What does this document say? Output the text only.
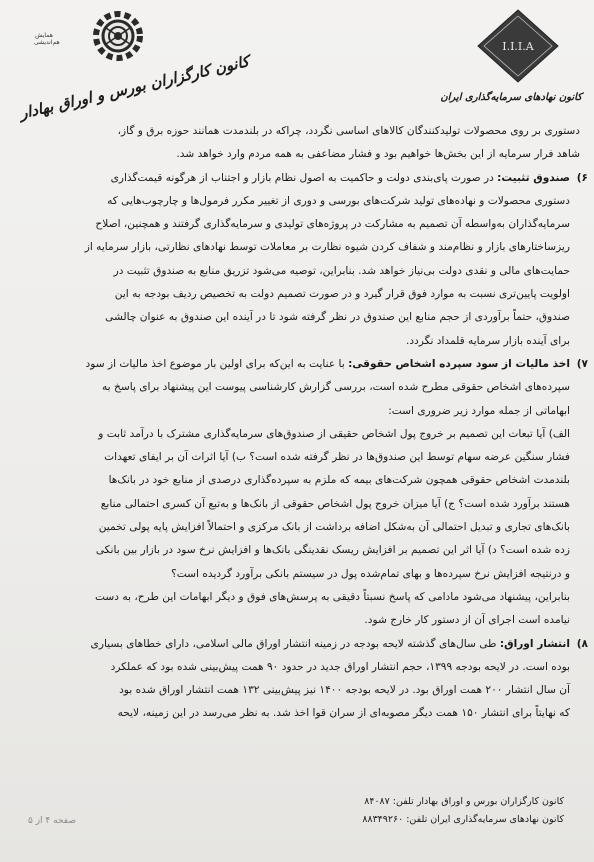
همایش هم‌اندیشی
کانون کارگزاران بورس و اوراق بهادار
I.I.I.A
کانون نهادهای سرمایه‌گذاری ایران
دستوری بر روی محصولات تولیدکنندگان کالاهای اساسی نگردد، چراکه در بلندمدت همانند حوزه برق و گاز،
شاهد فرار سرمایه از این بخش‌ها خواهیم بود و فشار مضاعفی به همه مردم وارد خواهد شد.
۶)
صندوق تثبیت: در صورت پای‌بندی دولت و حاکمیت به اصول نظام بازار و اجتناب از هرگونه قیمت‌گذاری
دستوری محصولات و نهاده‌های تولید شرکت‌های بورسی و دوری از تغییر مکرر فرمول‌ها و چارچوب‌هایی که
سرمایه‌گذاران به‌واسطه آن تصمیم به مشارکت در پروژه‌های تولیدی و سرمایه‌گذاری گرفتند و همچنین، اصلاح
ریزساختارهای بازار و نظام‌مند و شفاف کردن شیوه نظارت بر معاملات توسط نهادهای نظارتی، بازار سرمایه از
حمایت‌های مالی و نقدی دولت بی‌نیاز خواهد شد. بنابراین، توصیه می‌شود تزریق منابع به صندوق تثبیت در
اولویت پایین‌تری نسبت به موارد فوق قرار گیرد و در صورت تصمیم دولت به تخصیص ردیف بودجه به این
صندوق، حتماً برآوردی از حجم منابع این صندوق در نظر گرفته شود تا در آینده این صندوق به عنوان چالشی
برای آینده بازار سرمایه قلمداد نگردد.
۷)
اخذ مالیات از سود سپرده اشخاص حقوقی: با عنایت به این‌که برای اولین بار موضوع اخذ مالیات از سود
سپرده‌های اشخاص حقوقی مطرح شده است، بررسی گزارش کارشناسی پیوست این پیشنهاد برای پاسخ به
ابهاماتی از جمله موارد زیر ضروری است:
الف) آیا تبعات این تصمیم بر خروج پول اشخاص حقیقی از صندوق‌های سرمایه‌گذاری مشترک با درآمد ثابت و
فشار سنگین عرضه سهام توسط این صندوق‌ها در نظر گرفته شده است؟ ب) آیا اثرات آن بر ایفای تعهدات
بلندمدت اشخاص حقوقی همچون شرکت‌های بیمه که ملزم به سپرده‌گذاری درصدی از منابع خود در بانک‌ها
هستند برآورد شده است؟ ج) آیا میزان خروج پول اشخاص حقوقی از بانک‌ها و به‌تبع آن کسری احتمالی منابع
بانک‌های تجاری و تبدیل احتمالی آن به‌شکل اضافه برداشت از بانک مرکزی و احتمالاً افزایش پایه پولی تخمین
زده شده است؟ د) آیا اثر این تصمیم بر افزایش ریسک نقدینگی بانک‌ها و افزایش نرخ سود در بازار بین بانکی
و درنتیجه افزایش نرخ سپرده‌ها و بهای تمام‌شده پول در سیستم بانکی برآورد گردیده است؟
بنابراین، پیشنهاد می‌شود مادامی که پاسخ نسبتاً دقیقی به پرسش‌های فوق و دیگر ابهامات این طرح، به دست
نیامده است اجرای آن از دستور کار خارج شود.
۸)
انتشار اوراق: طی سال‌های گذشته لایحه بودجه در زمینه انتشار اوراق مالی اسلامی، دارای خطاهای بسیاری
بوده است. در لایحه بودجه ۱۳۹۹، حجم انتشار اوراق جدید در حدود ۹۰ همت پیش‌بینی شده بود که عملکرد
آن سال انتشار ۲۰۰ همت اوراق بود. در لایحه بودجه ۱۴۰۰ نیز پیش‌بینی ۱۳۲ همت انتشار اوراق شده بود
که نهایتاً برای انتشار ۱۵۰ همت دیگر مصوبه‌ای از سران قوا اخذ شد. به نظر می‌رسد در این زمینه، لایحه
کانون کارگزاران بورس و اوراق بهادار تلفن: ۸۴۰۸۷
کانون نهادهای سرمایه‌گذاری ایران تلفن: ۸۸۳۴۹۲۶۰
صفحه ۴ از ۵
